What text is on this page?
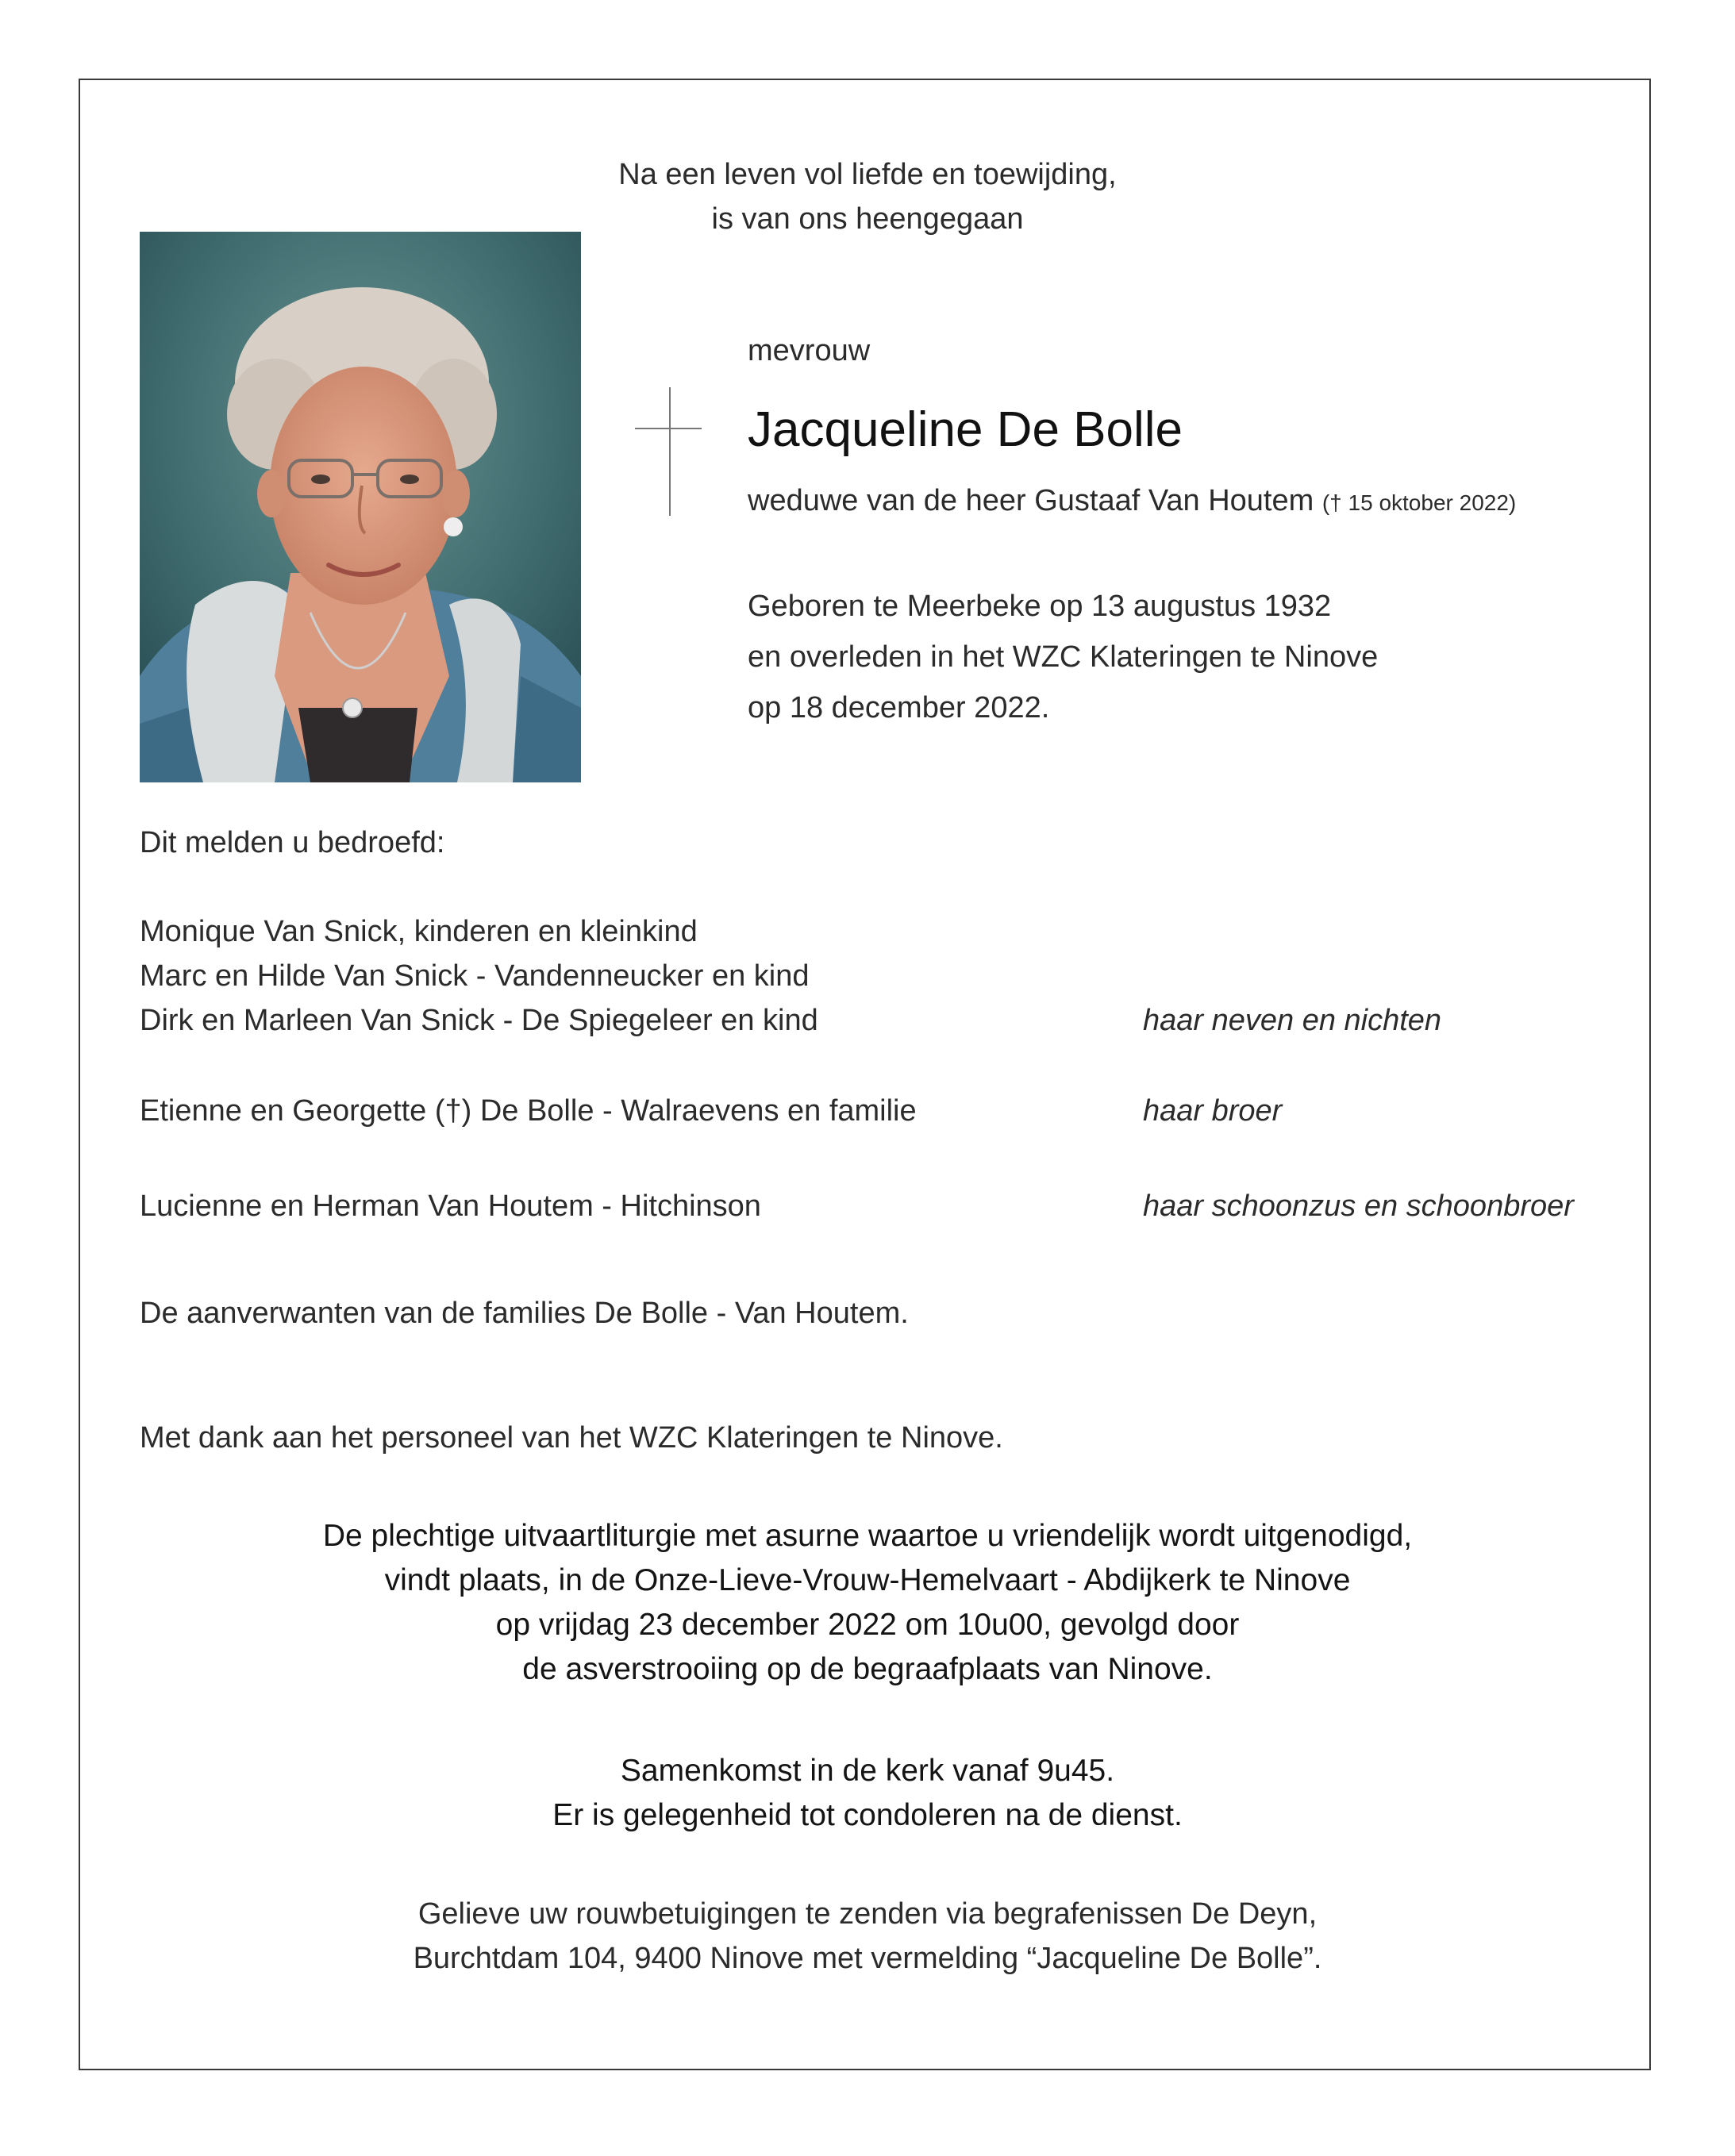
Na een leven vol liefde en toewijding,
is van ons heengegaan
mevrouw
Jacqueline De Bolle
weduwe van de heer Gustaaf Van Houtem († 15 oktober 2022)
Geboren te Meerbeke op 13 augustus 1932
en overleden in het WZC Klateringen te Ninove
op 18 december 2022.
Dit melden u bedroefd:
Monique Van Snick, kinderen en kleinkind
Marc en Hilde Van Snick - Vandenneucker en kind
Dirk en Marleen Van Snick - De Spiegeleer en kind	haar neven en nichten
Etienne en Georgette (†) De Bolle - Walraevens en familie	haar broer
Lucienne en Herman Van Houtem - Hitchinson	haar schoonzus en schoonbroer
De aanverwanten van de families De Bolle - Van Houtem.
Met dank aan het personeel van het WZC Klateringen te Ninove.
De plechtige uitvaartliturgie met asurne waartoe u vriendelijk wordt uitgenodigd,
vindt plaats, in de Onze-Lieve-Vrouw-Hemelvaart - Abdijkerk te Ninove
op vrijdag 23 december 2022 om 10u00, gevolgd door
de asverstrooiing op de begraafplaats van Ninove.
Samenkomst in de kerk vanaf 9u45.
Er is gelegenheid tot condoleren na de dienst.
Gelieve uw rouwbetuigingen te zenden via begrafenissen De Deyn,
Burchtdam 104, 9400 Ninove met vermelding “Jacqueline De Bolle”.
